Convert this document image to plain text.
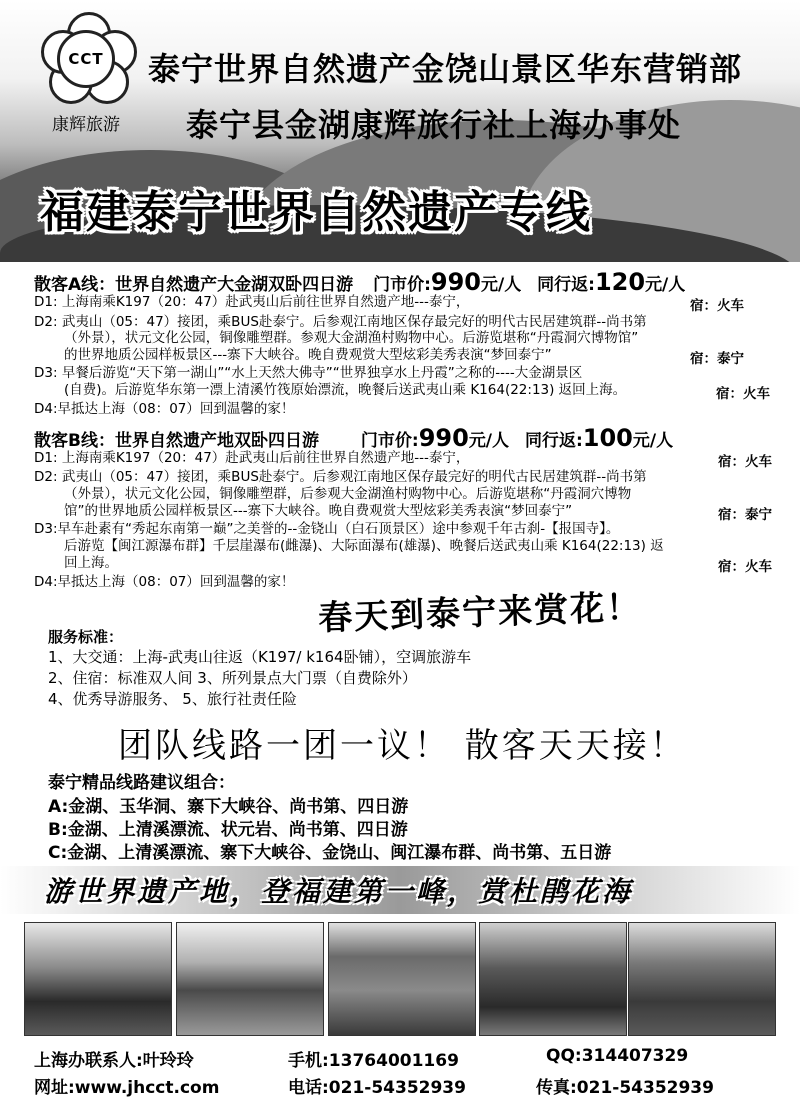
CCT
康辉旅游
泰宁世界自然遗产金饶山景区华东营销部
泰宁县金湖康辉旅行社上海办事处
福建泰宁世界自然遗产专线
散客A线：世界自然遗产大金湖双卧四日游 门市价:990元/人 同行返:120元/人
D1: 上海南乘K197（20：47）赴武夷山后前往世界自然遗产地---泰宁，	宿：火车
D2: 武夷山（05：47）接团，乘BUS赴泰宁。后参观江南地区保存最完好的明代古民居建筑群--尚书第
（外景），状元文化公园，铜像雕塑群。参观大金湖渔村购物中心。后游览堪称“丹霞洞穴博物馆”
的世界地质公园样板景区---寨下大峡谷。晚自费观赏大型炫彩美秀表演“梦回泰宁”	宿：泰宁
D3: 早餐后游览“天下第一湖山”“水上天然大佛寺”“世界独享水上丹霞”之称的----大金湖景区
(自费)。后游览华东第一漂上清溪竹筏原始漂流，晚餐后送武夷山乘 K164(22:13) 返回上海。	宿：火车
D4:早抵达上海（08：07）回到温馨的家！
散客B线：世界自然遗产地双卧四日游 门市价:990元/人 同行返:100元/人
D1: 上海南乘K197（20：47）赴武夷山后前往世界自然遗产地---泰宁，	宿：火车
D2: 武夷山（05：47）接团，乘BUS赴泰宁。后参观江南地区保存最完好的明代古民居建筑群--尚书第
（外景），状元文化公园，铜像雕塑群，后参观大金湖渔村购物中心。后游览堪称“丹霞洞穴博物
馆”的世界地质公园样板景区---寨下大峡谷。晚自费观赏大型炫彩美秀表演“梦回泰宁”	宿：泰宁
D3:早车赴素有“秀起东南第一巅”之美誉的--金铙山（白石顶景区）途中参观千年古刹-【报国寺】。
后游览【闽江源瀑布群】千层崖瀑布(雌瀑)、大际面瀑布(雄瀑)、晚餐后送武夷山乘 K164(22:13) 返
回上海。	宿：火车
D4:早抵达上海（08：07）回到温馨的家！
春天到泰宁来赏花！
服务标准：
1、大交通：上海-武夷山往返（K197/ k164卧铺），空调旅游车
2、住宿：标准双人间 3、所列景点大门票（自费除外）
4、优秀导游服务、 5、旅行社责任险
团队线路一团一议！ 散客天天接！
泰宁精品线路建议组合：
A:金湖、玉华洞、寨下大峡谷、尚书第、四日游
B:金湖、上清溪漂流、状元岩、尚书第、四日游
C:金湖、上清溪漂流、寨下大峡谷、金饶山、闽江瀑布群、尚书第、五日游
游世界遗产地，登福建第一峰，赏杜鹃花海
上海办联系人:叶玲玲	手机:13764001169	QQ:314407329
网址:www.jhcct.com	电话:021-54352939	传真:021-54352939
